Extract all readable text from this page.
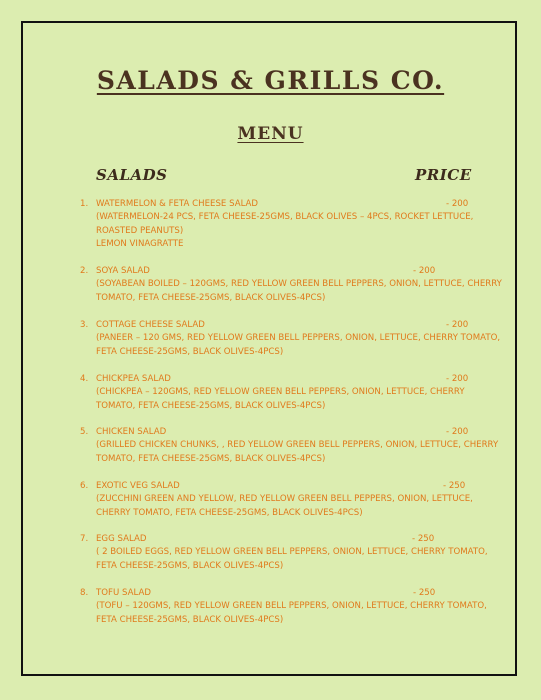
SALADS & GRILLS CO.
MENU
SALADS	PRICE
1. WATERMELON & FETA CHEESE SALAD	- 200
(WATERMELON-24 PCS, FETA CHEESE-25GMS, BLACK OLIVES – 4PCS, ROCKET LETTUCE,
ROASTED PEANUTS)
LEMON VINAGRATTE
2. SOYA SALAD	- 200
(SOYABEAN BOILED – 120GMS, RED YELLOW GREEN BELL PEPPERS, ONION, LETTUCE, CHERRY
TOMATO, FETA CHEESE-25GMS, BLACK OLIVES-4PCS)
3. COTTAGE CHEESE SALAD	- 200
(PANEER – 120 GMS, RED YELLOW GREEN BELL PEPPERS, ONION, LETTUCE, CHERRY TOMATO,
FETA CHEESE-25GMS, BLACK OLIVES-4PCS)
4. CHICKPEA SALAD	- 200
(CHICKPEA – 120GMS, RED YELLOW GREEN BELL PEPPERS, ONION, LETTUCE, CHERRY
TOMATO, FETA CHEESE-25GMS, BLACK OLIVES-4PCS)
5. CHICKEN SALAD	- 200
(GRILLED CHICKEN CHUNKS, , RED YELLOW GREEN BELL PEPPERS, ONION, LETTUCE, CHERRY
TOMATO, FETA CHEESE-25GMS, BLACK OLIVES-4PCS)
6. EXOTIC VEG SALAD	- 250
(ZUCCHINI GREEN AND YELLOW, RED YELLOW GREEN BELL PEPPERS, ONION, LETTUCE,
CHERRY TOMATO, FETA CHEESE-25GMS, BLACK OLIVES-4PCS)
7. EGG SALAD	- 250
( 2 BOILED EGGS, RED YELLOW GREEN BELL PEPPERS, ONION, LETTUCE, CHERRY TOMATO,
FETA CHEESE-25GMS, BLACK OLIVES-4PCS)
8. TOFU SALAD	- 250
(TOFU – 120GMS, RED YELLOW GREEN BELL PEPPERS, ONION, LETTUCE, CHERRY TOMATO,
FETA CHEESE-25GMS, BLACK OLIVES-4PCS)
